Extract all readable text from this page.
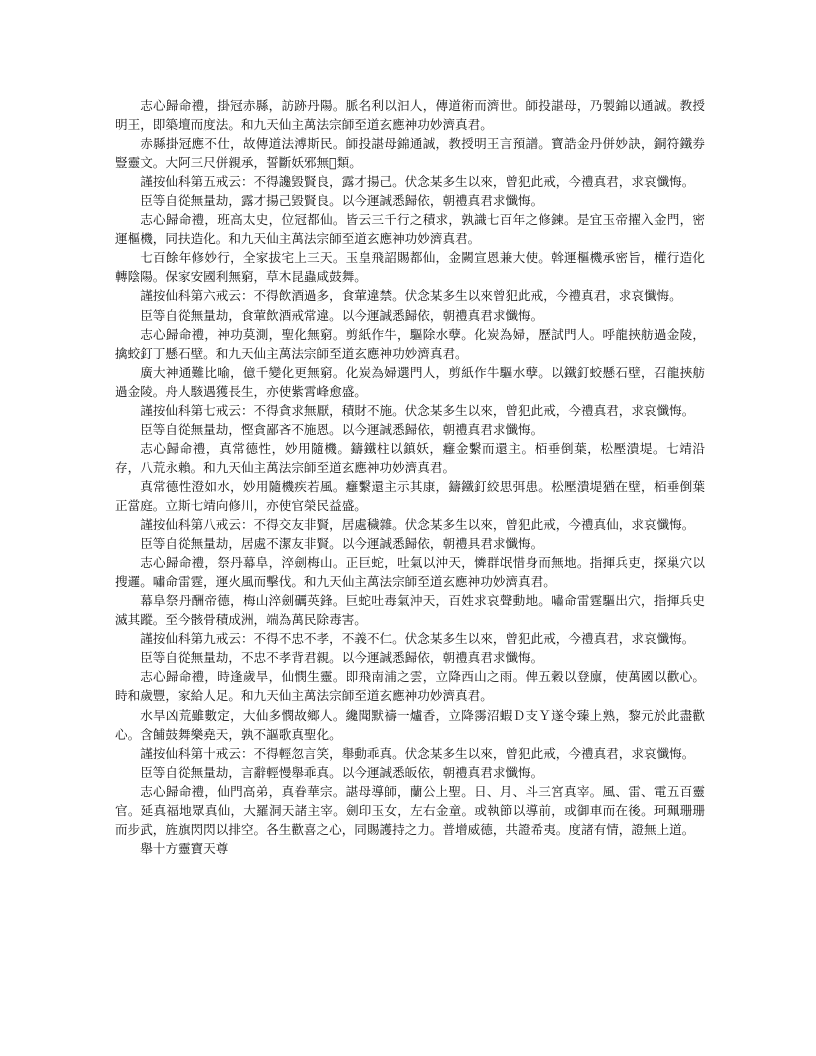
志心歸命禮，掛冠赤縣，訪跡丹陽。脈名利以汩人，傳道術而濟世。師投諶母，乃製錦以通誠。教授明王，即築壇而度法。和九天仙主萬法宗師至道玄應神功妙濟真君。

赤縣掛冠應不仕，故傳道法溥斯民。師投諶母錦通誠，教授明王言預譜。寶誥金丹併妙訣，銅符鐵券豎靈文。大阿三尺併親承，誓斷妖邪無𦕅類。

謹按仙科第五戒云：不得讒毀賢良，露才揚己。伏念某多生以來，曾犯此戒，今禮真君，求哀懺悔。

臣等自從無量劫，露才揚己毀賢良。以今運誠悉歸依，朝禮真君求懺悔。

志心歸命禮，班高太史，位冠都仙。皆云三千行之積求，孰識七百年之修鍊。是宜玉帝擢入金門，密運樞機，同扶造化。和九天仙主萬法宗師至道玄應神功妙濟真君。

七百餘年修妙行，全家拔宅上三天。玉皇飛詔賜都仙，金闕宣恩兼大使。斡運樞機承密旨，權行造化轉陰陽。保家安國利無窮，草木昆蟲咸鼓舞。

謹按仙科第六戒云：不得飲酒過多，食葷違禁。伏念某多生以來曾犯此戒，今禮真君，求哀懺悔。

臣等自從無量劫，食葷飲酒戒常違。以今運誠悉歸依，朝禮真君求懺悔。

志心歸命禮，神功莫測，聖化無窮。剪紙作牛，驅除水孽。化炭為婦，歷試門人。呼龍挾舫過金陵，擒蛟釘丁懸石壁。和九天仙主萬法宗師至道玄應神功妙濟真君。

廣大神通難比喻，億千變化更無窮。化炭為婦選門人，剪紙作牛驅水孽。以鐵釘蛟懸石壁，召龍挾舫過金陵。舟人駭遇獲長生，亦使紫霄峰愈盛。

謹按仙科第七戒云：不得貪求無厭，積財不施。伏念某多生以來，曾犯此戒，今禮真君，求哀懺悔。

臣等自從無量劫，慳貪鄙吝不施恩。以今運誠悉歸依，朝禮真君求懺悔。

志心歸命禮，真常德性，妙用隨機。鑄鐵柱以鎮妖，癰金繫而還主。栢垂倒葉，松壓潰堤。七靖沿存，八荒永賴。和九天仙主萬法宗師至道玄應神功妙濟真君。

真常德性澄如水，妙用隨機疾若風。癰繫還主示其康，鑄鐵釘絞思弭患。松壓潰堤猶在壁，栢垂倒葉正當庭。立斯七靖向修川，亦使官榮民益盛。

謹按仙科第八戒云：不得交友非賢，居處穢雜。伏念某多生以來，曾犯此戒，今禮真仙，求哀懺悔。

臣等自從無量劫，居處不潔友非賢。以今運誠悉歸依，朝禮具君求懺悔。

志心歸命禮，祭丹幕阜，淬劍梅山。正巨蛇，吐氣以沖天，憐群氓惜身而無地。指揮兵吏，探巢穴以搜邏。嘯命雷霆，運火風而擊伐。和九天仙主萬法宗師至道玄應神功妙濟真君。

幕阜祭丹酬帝德，梅山淬劍礪英鋒。巨蛇吐毒氣沖天，百姓求哀聲動地。嘯命雷霆驅出穴，指揮兵史滅其蹤。至今骸骨積成洲，端為萬民除毒害。

謹按仙科第九戒云：不得不忠不孝，不義不仁。伏念某多生以來，曾犯此戒，今禮真君，求哀懺悔。

臣等自從無量劫，不忠不孝背君親。以今運誠悉歸依，朝禮真君求懺悔。

志心歸命禮，時逢歲旱，仙憫生靈。即飛南浦之雲，立降西山之雨。俾五穀以登廪，使萬國以歡心。時和歲豐，家給人足。和九天仙主萬法宗師至道玄應神功妙濟真君。

水旱凶荒雖數定，大仙多憫故鄉人。纔聞默禱一爐香，立降霶沼蝦Ｄ支Ｙ遂令臻上熟，黎元於此盡歡心。含餔鼓舞樂堯天，孰不謳歌真聖化。

謹按仙科第十戒云：不得輕忽言笑，舉動乖真。伏念某多生以來，曾犯此戒，今禮真君，求哀懺悔。

臣等自從無量劫，言辭輕慢舉乖真。以今運誠悉皈依，朝禮真君求懺悔。

志心歸命禮，仙門高弟，真眷華宗。諶母導師，蘭公上聖。日、月、斗三宮真宰。風、雷、電五百靈官。延真福地眾真仙，大羅洞天諸主宰。劍印玉女，左右金童。或執節以導前，或御車而在後。珂珮珊珊而步武，旌旗閃閃以排空。各生歡喜之心，同賜護持之力。普增威德，共證希夷。度諸有情，證無上道。

舉十方靈寶天尊
